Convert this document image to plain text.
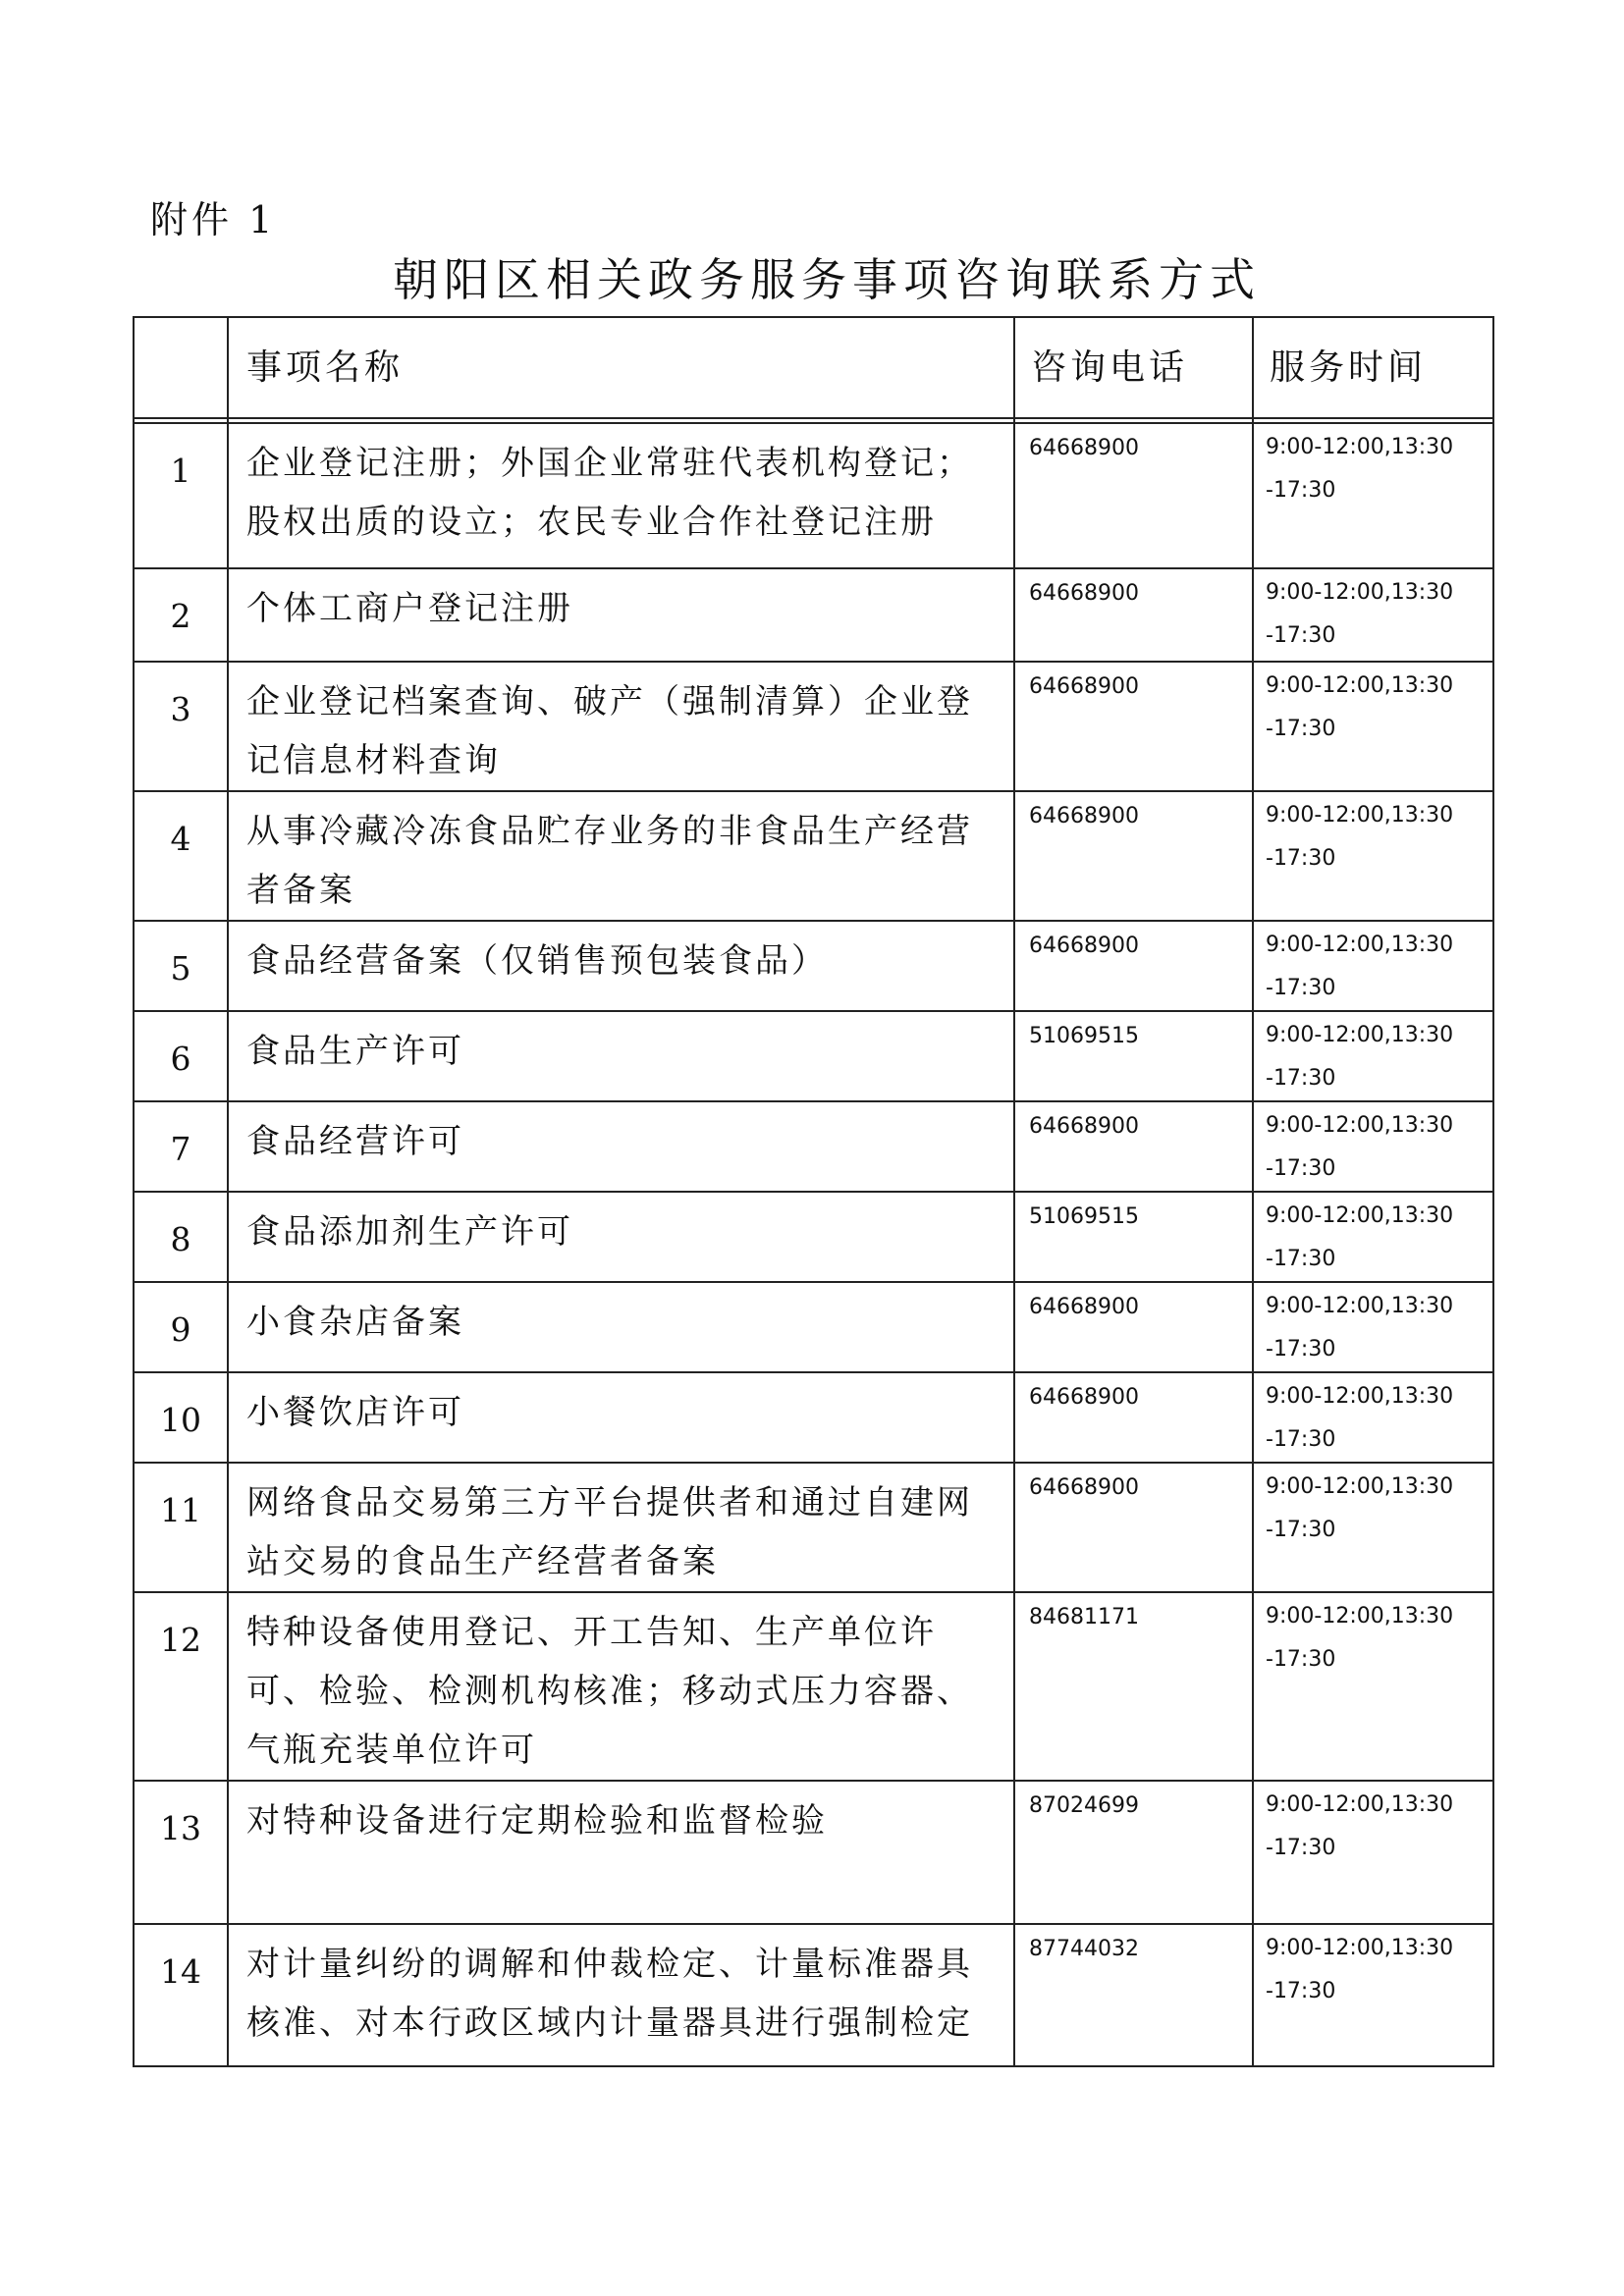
附件 1
朝阳区相关政务服务事项咨询联系方式
	事项名称	咨询电话	服务时间

1	企业登记注册；外国企业常驻代表机构登记；股权出质的设立；农民专业合作社登记注册	64668900	9:00-12:00,13:30
-17:30
2	个体工商户登记注册	64668900	9:00-12:00,13:30
-17:30
3	企业登记档案查询、破产（强制清算）企业登记信息材料查询	64668900	9:00-12:00,13:30
-17:30
4	从事冷藏冷冻食品贮存业务的非食品生产经营者备案	64668900	9:00-12:00,13:30
-17:30
5	食品经营备案（仅销售预包装食品）	64668900	9:00-12:00,13:30
-17:30
6	食品生产许可	51069515	9:00-12:00,13:30
-17:30
7	食品经营许可	64668900	9:00-12:00,13:30
-17:30
8	食品添加剂生产许可	51069515	9:00-12:00,13:30
-17:30
9	小食杂店备案	64668900	9:00-12:00,13:30
-17:30
10	小餐饮店许可	64668900	9:00-12:00,13:30
-17:30
11	网络食品交易第三方平台提供者和通过自建网站交易的食品生产经营者备案	64668900	9:00-12:00,13:30
-17:30
12	特种设备使用登记、开工告知、生产单位许可、检验、检测机构核准；移动式压力容器、气瓶充装单位许可	84681171	9:00-12:00,13:30
-17:30
13	对特种设备进行定期检验和监督检验	87024699	9:00-12:00,13:30
-17:30
14	对计量纠纷的调解和仲裁检定、计量标准器具核准、对本行政区域内计量器具进行强制检定	87744032	9:00-12:00,13:30
-17:30
